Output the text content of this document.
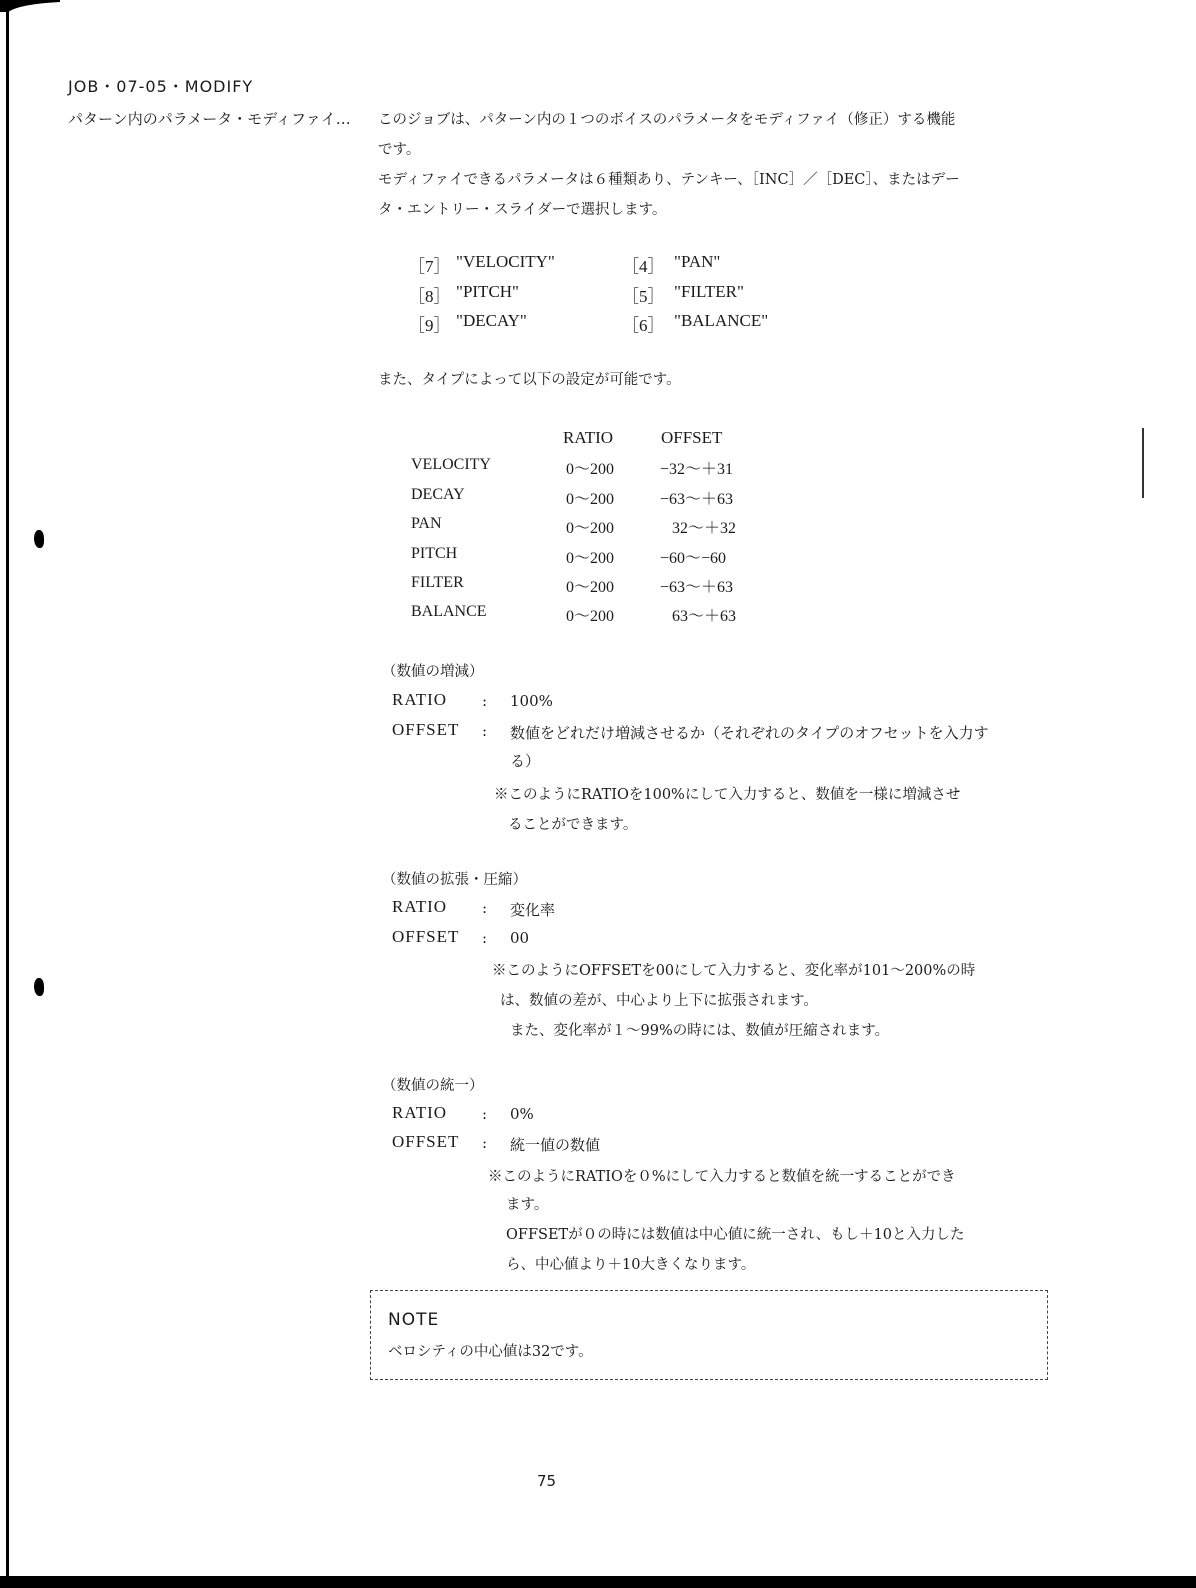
JOB・07-05・MODIFY
パターン内のパラメータ・モディファイ… このジョブは、パターン内の１つのボイスのパラメータをモディファイ（修正）する機能
です。
モディファイできるパラメータは６種類あり、テンキー、［INC］／［DEC］、またはデー
タ・エントリー・スライダーで選択します。
［7］ "VELOCITY"
［8］ "PITCH"
［9］ "DECAY"
［4］ "PAN"
［5］ "FILTER"
［6］ "BALANCE"
また、タイプによって以下の設定が可能です。
RATIO	OFFSET
VELOCITY	0～200	−32～＋31
DECAY	0～200	−63～＋63
PAN	0～200	32～＋32
PITCH	0～200	−60～−60
FILTER	0～200	−63～＋63
BALANCE	0～200	63～＋63
（数値の増減）
RATIO : 100%
OFFSET : 数値をどれだけ増減させるか（それぞれのタイプのオフセットを入力す
る）
※このようにRATIOを100%にして入力すると、数値を一様に増減させ
ることができます。
（数値の拡張・圧縮）
RATIO : 変化率
OFFSET : 00
※このようにOFFSETを00にして入力すると、変化率が101～200%の時
は、数値の差が、中心より上下に拡張されます。
また、変化率が１～99%の時には、数値が圧縮されます。
（数値の統一）
RATIO : 0%
OFFSET : 統一値の数値
※このようにRATIOを０%にして入力すると数値を統一することができ
ます。
OFFSETが０の時には数値は中心値に統一され、もし＋10と入力した
ら、中心値より＋10大きくなります。
NOTE
ベロシティの中心値は32です。
75
